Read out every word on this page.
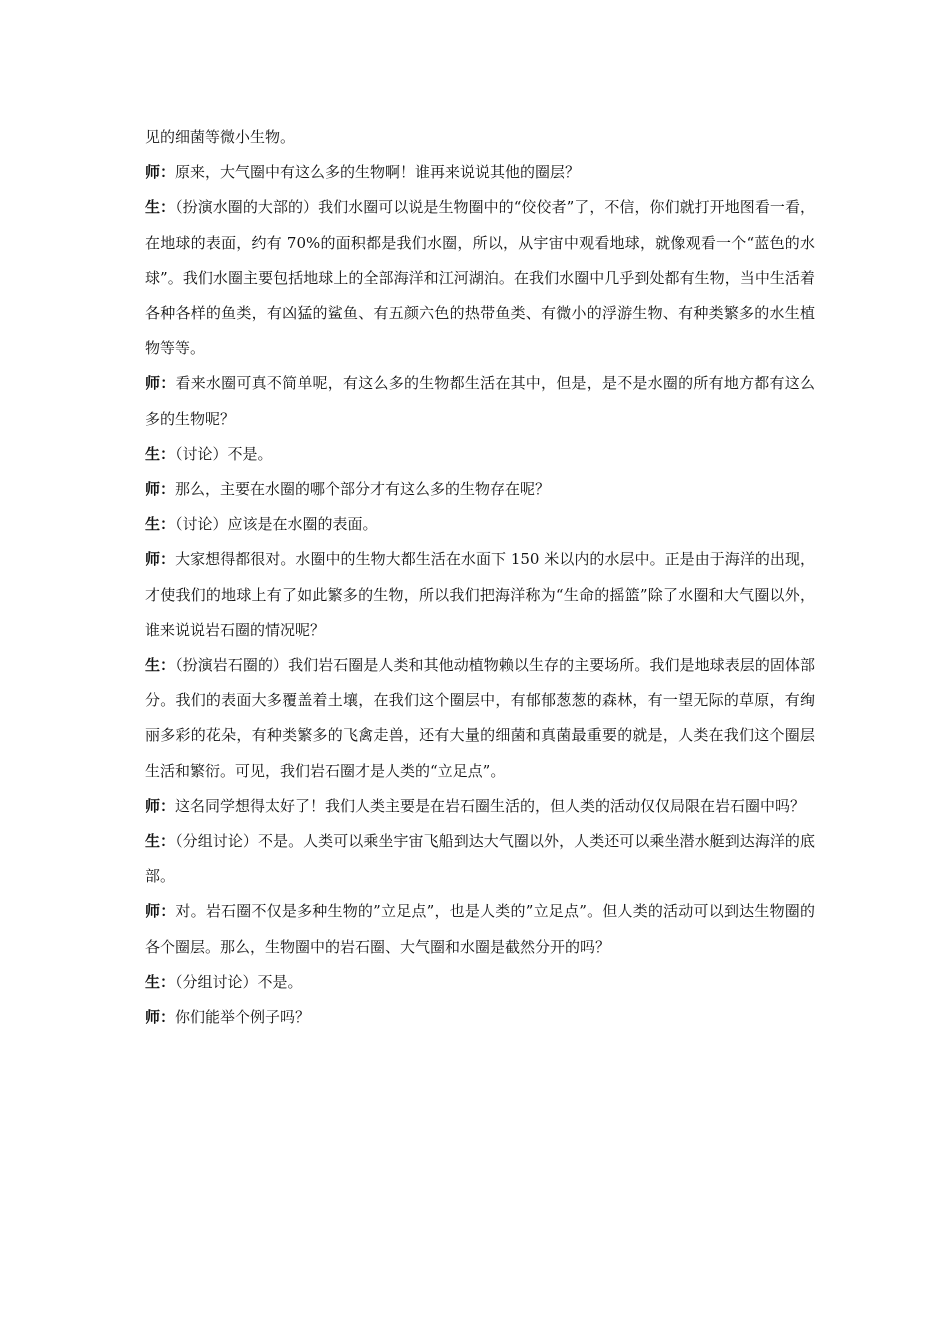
见的细菌等微小生物。

师：原来，大气圈中有这么多的生物啊！谁再来说说其他的圈层？

生：（扮演水圈的大部的）我们水圈可以说是生物圈中的“佼佼者”了，不信，你们就打开地图看一看，在地球的表面，约有 70%的面积都是我们水圈，所以，从宇宙中观看地球，就像观看一个“蓝色的水球”。我们水圈主要包括地球上的全部海洋和江河湖泊。在我们水圈中几乎到处都有生物，当中生活着各种各样的鱼类，有凶猛的鲨鱼、有五颜六色的热带鱼类、有微小的浮游生物、有种类繁多的水生植物等等。

师：看来水圈可真不简单呢，有这么多的生物都生活在其中，但是，是不是水圈的所有地方都有这么多的生物呢？

生：（讨论）不是。

师：那么，主要在水圈的哪个部分才有这么多的生物存在呢？

生：（讨论）应该是在水圈的表面。

师：大家想得都很对。水圈中的生物大都生活在水面下 150 米以内的水层中。正是由于海洋的出现，才使我们的地球上有了如此繁多的生物，所以我们把海洋称为“生命的摇篮”除了水圈和大气圈以外，谁来说说岩石圈的情况呢？

生：（扮演岩石圈的）我们岩石圈是人类和其他动植物赖以生存的主要场所。我们是地球表层的固体部分。我们的表面大多覆盖着土壤，在我们这个圈层中，有郁郁葱葱的森林，有一望无际的草原，有绚丽多彩的花朵，有种类繁多的飞禽走兽，还有大量的细菌和真菌最重要的就是，人类在我们这个圈层生活和繁衍。可见，我们岩石圈才是人类的“立足点”。

师：这名同学想得太好了！我们人类主要是在岩石圈生活的，但人类的活动仅仅局限在岩石圈中吗？

生：（分组讨论）不是。人类可以乘坐宇宙飞船到达大气圈以外，人类还可以乘坐潜水艇到达海洋的底部。

师：对。岩石圈不仅是多种生物的”立足点”，也是人类的”立足点”。但人类的活动可以到达生物圈的各个圈层。那么，生物圈中的岩石圈、大气圈和水圈是截然分开的吗？

生：（分组讨论）不是。

师：你们能举个例子吗？
